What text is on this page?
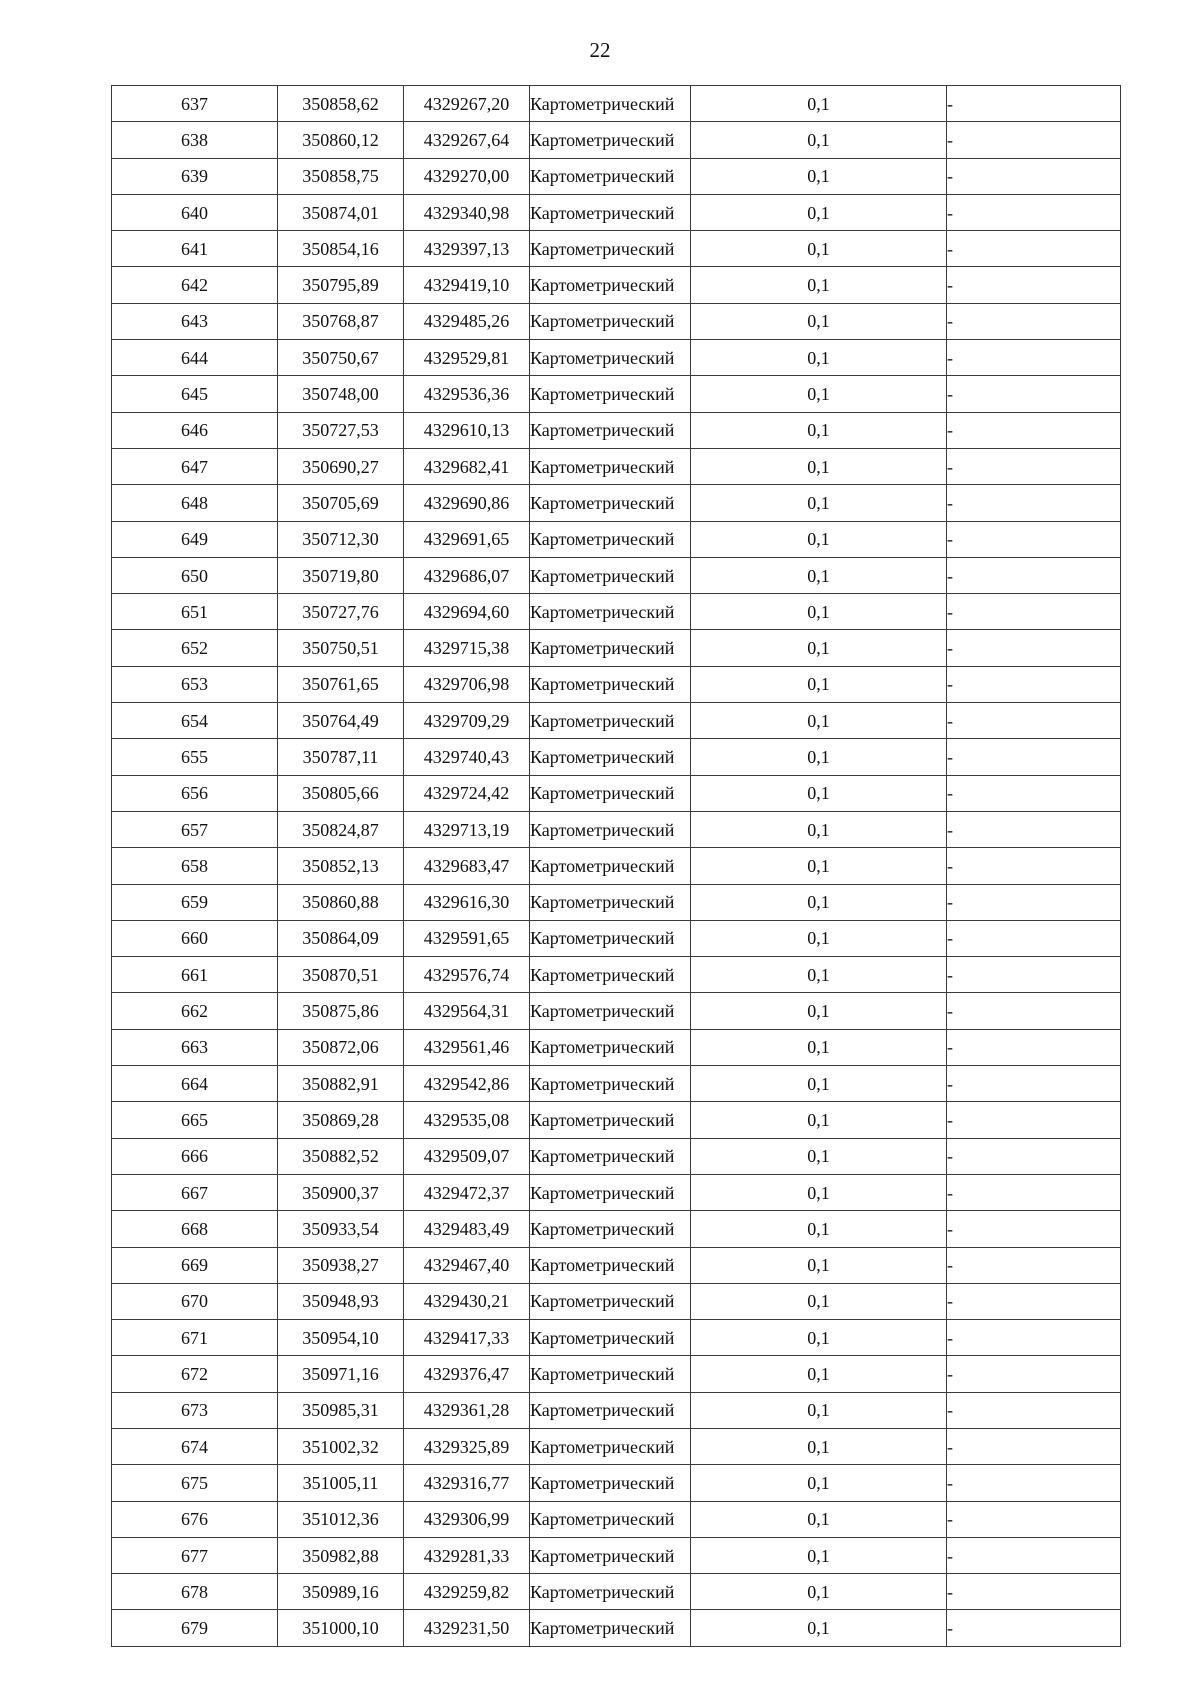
22
637	350858,62	4329267,20	Картометрический	0,1	-
638	350860,12	4329267,64	Картометрический	0,1	-
639	350858,75	4329270,00	Картометрический	0,1	-
640	350874,01	4329340,98	Картометрический	0,1	-
641	350854,16	4329397,13	Картометрический	0,1	-
642	350795,89	4329419,10	Картометрический	0,1	-
643	350768,87	4329485,26	Картометрический	0,1	-
644	350750,67	4329529,81	Картометрический	0,1	-
645	350748,00	4329536,36	Картометрический	0,1	-
646	350727,53	4329610,13	Картометрический	0,1	-
647	350690,27	4329682,41	Картометрический	0,1	-
648	350705,69	4329690,86	Картометрический	0,1	-
649	350712,30	4329691,65	Картометрический	0,1	-
650	350719,80	4329686,07	Картометрический	0,1	-
651	350727,76	4329694,60	Картометрический	0,1	-
652	350750,51	4329715,38	Картометрический	0,1	-
653	350761,65	4329706,98	Картометрический	0,1	-
654	350764,49	4329709,29	Картометрический	0,1	-
655	350787,11	4329740,43	Картометрический	0,1	-
656	350805,66	4329724,42	Картометрический	0,1	-
657	350824,87	4329713,19	Картометрический	0,1	-
658	350852,13	4329683,47	Картометрический	0,1	-
659	350860,88	4329616,30	Картометрический	0,1	-
660	350864,09	4329591,65	Картометрический	0,1	-
661	350870,51	4329576,74	Картометрический	0,1	-
662	350875,86	4329564,31	Картометрический	0,1	-
663	350872,06	4329561,46	Картометрический	0,1	-
664	350882,91	4329542,86	Картометрический	0,1	-
665	350869,28	4329535,08	Картометрический	0,1	-
666	350882,52	4329509,07	Картометрический	0,1	-
667	350900,37	4329472,37	Картометрический	0,1	-
668	350933,54	4329483,49	Картометрический	0,1	-
669	350938,27	4329467,40	Картометрический	0,1	-
670	350948,93	4329430,21	Картометрический	0,1	-
671	350954,10	4329417,33	Картометрический	0,1	-
672	350971,16	4329376,47	Картометрический	0,1	-
673	350985,31	4329361,28	Картометрический	0,1	-
674	351002,32	4329325,89	Картометрический	0,1	-
675	351005,11	4329316,77	Картометрический	0,1	-
676	351012,36	4329306,99	Картометрический	0,1	-
677	350982,88	4329281,33	Картометрический	0,1	-
678	350989,16	4329259,82	Картометрический	0,1	-
679	351000,10	4329231,50	Картометрический	0,1	-
